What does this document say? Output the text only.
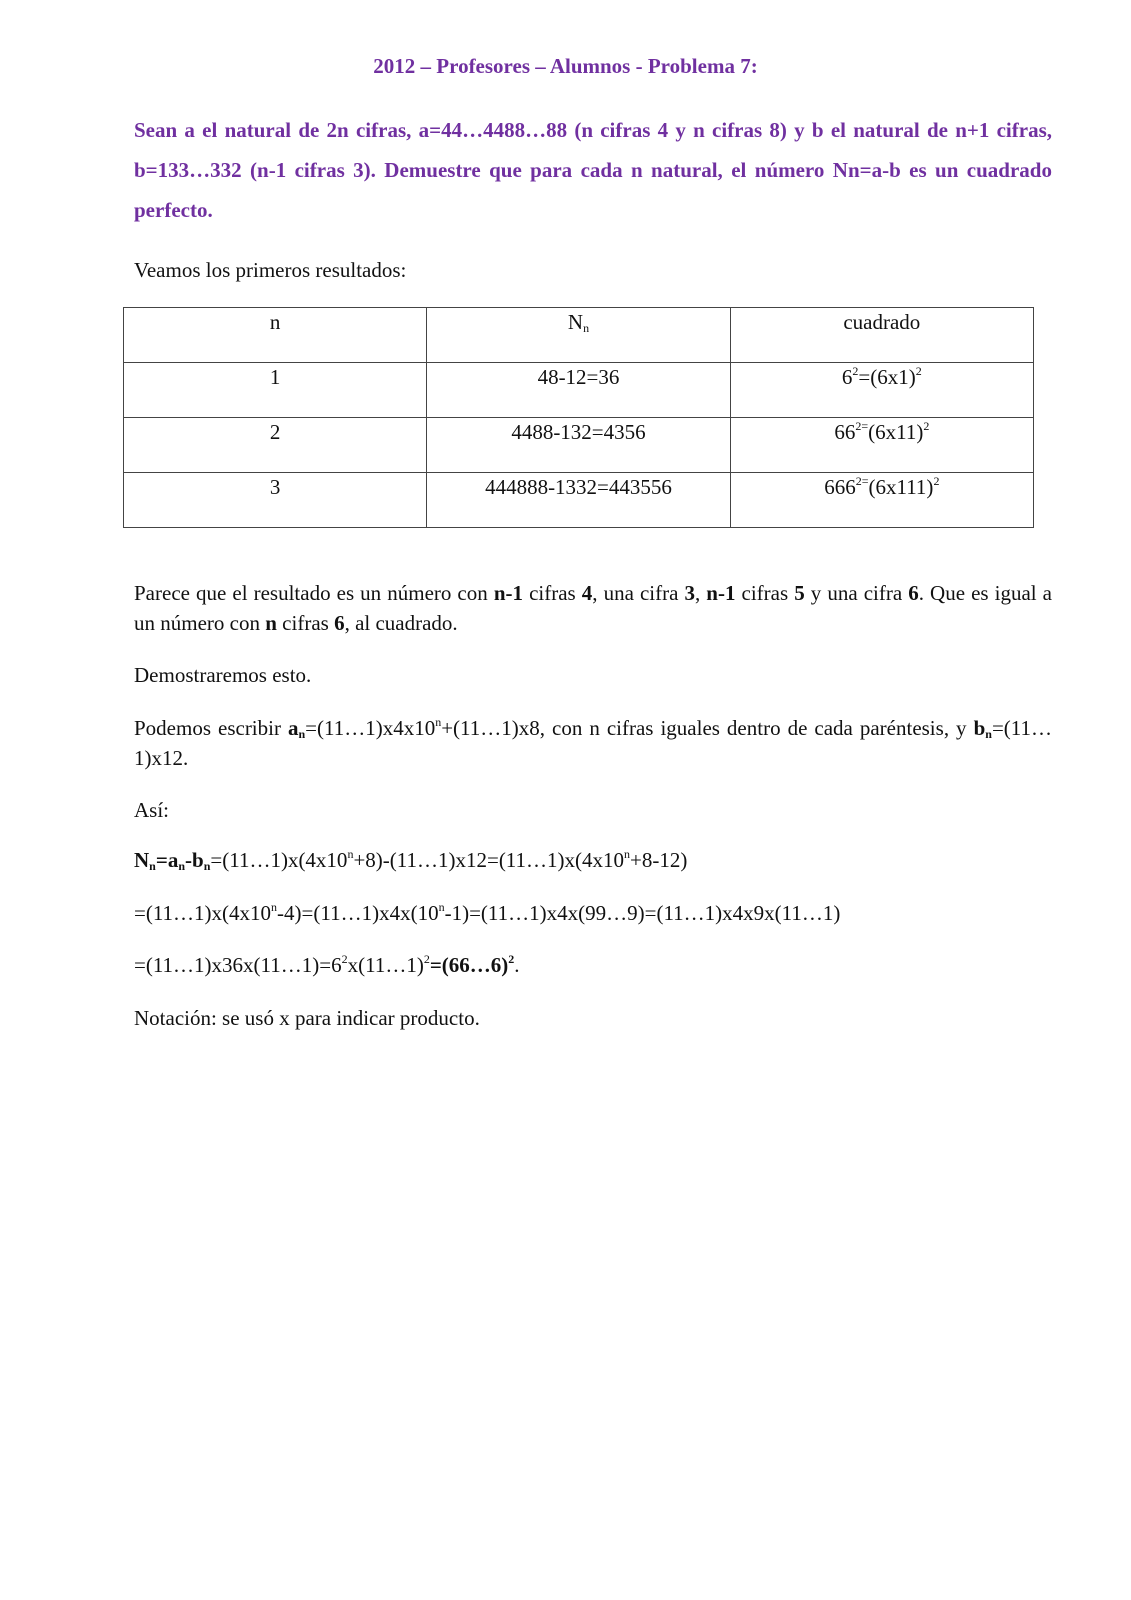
2012 – Profesores – Alumnos - Problema 7:
Sean a el natural de 2n cifras, a=44…4488…88 (n cifras 4 y n cifras 8) y b el natural de n+1 cifras, b=133…332 (n-1 cifras 3). Demuestre que para cada n natural, el número Nn=a-b es un cuadrado perfecto.
Veamos los primeros resultados:
n	$N_n$	cuadrado
1	48-12=36	$6^2=(6x1)^2$
2	4488-132=4356	$66^{2=}(6x11)^2$
3	444888-1332=443556	$666^{2=}(6x111)^2$
Parece que el resultado es un número con n-1 cifras 4, una cifra 3, n-1 cifras 5 y una cifra 6. Que es igual a un número con n cifras 6, al cuadrado.
Demostraremos esto.
Podemos escribir $a_n=(11\dots 1)x4x10^n+(11\dots 1)x8$, con n cifras iguales dentro de cada paréntesis, y $b_n=(11\dots 1)x12$.
Así:
$N_n=a_n-b_n=(11\dots 1)x(4x10^n+8)-(11\dots 1)x12=(11\dots 1)x(4x10^n+8-12)$
$=(11\dots 1)x(4x10^n-4)=(11\dots 1)x4x(10^n-1)=(11\dots 1)x4x(99\dots 9)=(11\dots 1)x4x9x(11\dots 1)$
$=(11\dots 1)x36x(11\dots 1)=6^2x(11\dots 1)^2=(66\dots 6)^2$.
Notación: se usó x para indicar producto.
